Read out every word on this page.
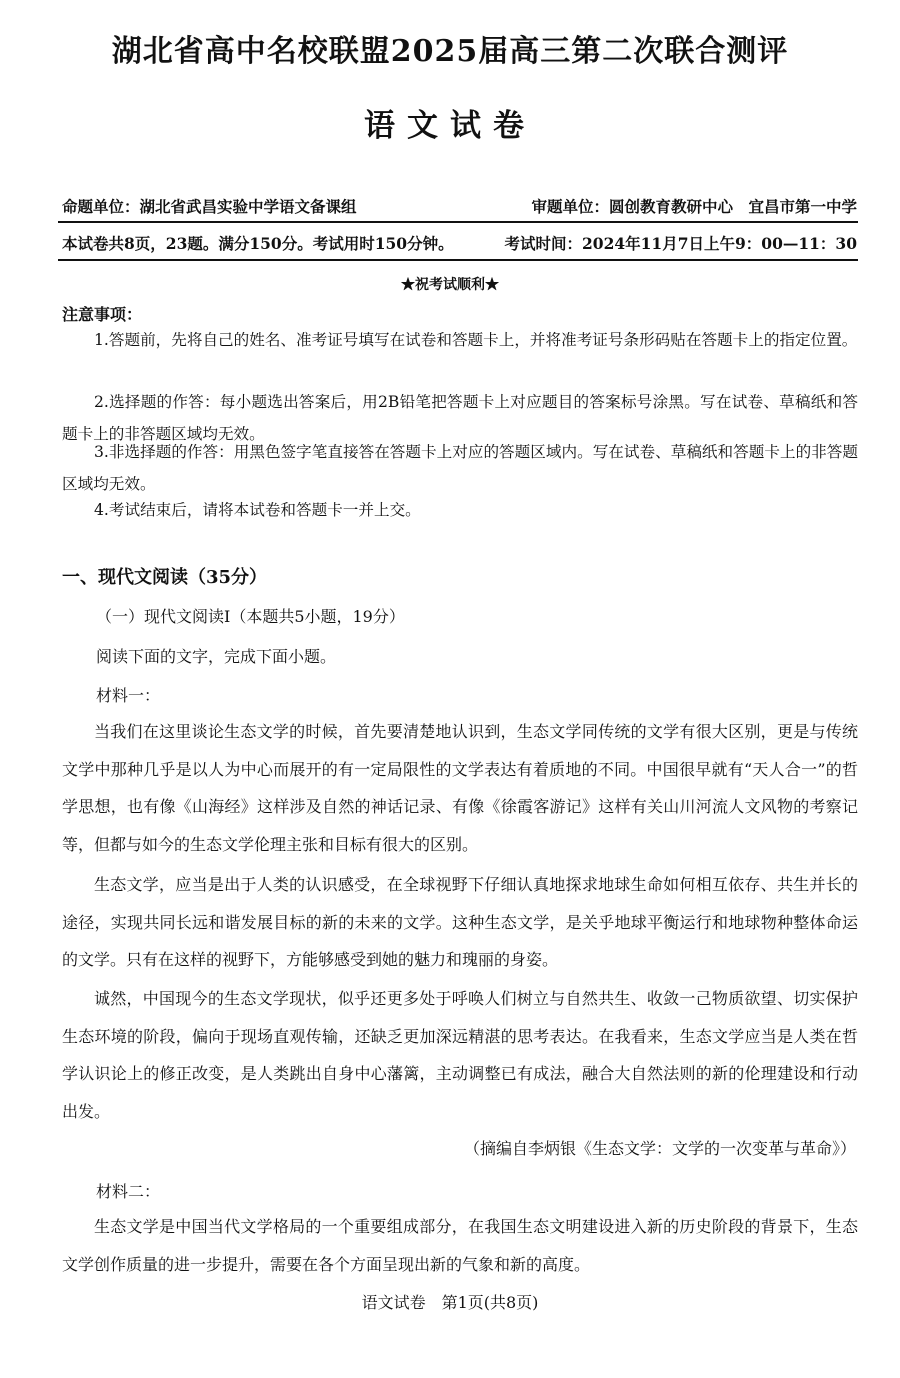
湖北省高中名校联盟2025届高三第二次联合测评
语文试卷
命题单位：湖北省武昌实验中学语文备课组	审题单位：圆创教育教研中心　宜昌市第一中学
本试卷共8页，23题。满分150分。考试用时150分钟。	考试时间：2024年11月7日上午9：00—11：30
★祝考试顺利★
注意事项：

1.答题前，先将自己的姓名、准考证号填写在试卷和答题卡上，并将准考证号条形码贴在答题卡上的指定位置。

2.选择题的作答：每小题选出答案后，用2B铅笔把答题卡上对应题目的答案标号涂黑。写在试卷、草稿纸和答题卡上的非答题区域均无效。

3.非选择题的作答：用黑色签字笔直接答在答题卡上对应的答题区域内。写在试卷、草稿纸和答题卡上的非答题区域均无效。

4.考试结束后，请将本试卷和答题卡一并上交。

一、现代文阅读（35分）
（一）现代文阅读Ⅰ（本题共5小题，19分）
阅读下面的文字，完成下面小题。
材料一：

当我们在这里谈论生态文学的时候，首先要清楚地认识到，生态文学同传统的文学有很大区别，更是与传统文学中那种几乎是以人为中心而展开的有一定局限性的文学表达有着质地的不同。中国很早就有“天人合一”的哲学思想，也有像《山海经》这样涉及自然的神话记录、有像《徐霞客游记》这样有关山川河流人文风物的考察记等，但都与如今的生态文学伦理主张和目标有很大的区别。

生态文学，应当是出于人类的认识感受，在全球视野下仔细认真地探求地球生命如何相互依存、共生并长的途径，实现共同长远和谐发展目标的新的未来的文学。这种生态文学，是关乎地球平衡运行和地球物种整体命运的文学。只有在这样的视野下，方能够感受到她的魅力和瑰丽的身姿。

诚然，中国现今的生态文学现状，似乎还更多处于呼唤人们树立与自然共生、收敛一己物质欲望、切实保护生态环境的阶段，偏向于现场直观传输，还缺乏更加深远精湛的思考表达。在我看来，生态文学应当是人类在哲学认识论上的修正改变，是人类跳出自身中心藩篱，主动调整已有成法，融合大自然法则的新的伦理建设和行动出发。

（摘编自李炳银《生态文学：文学的一次变革与革命》）
材料二：

生态文学是中国当代文学格局的一个重要组成部分，在我国生态文明建设进入新的历史阶段的背景下，生态文学创作质量的进一步提升，需要在各个方面呈现出新的气象和新的高度。

语文试卷　第1页(共8页)
